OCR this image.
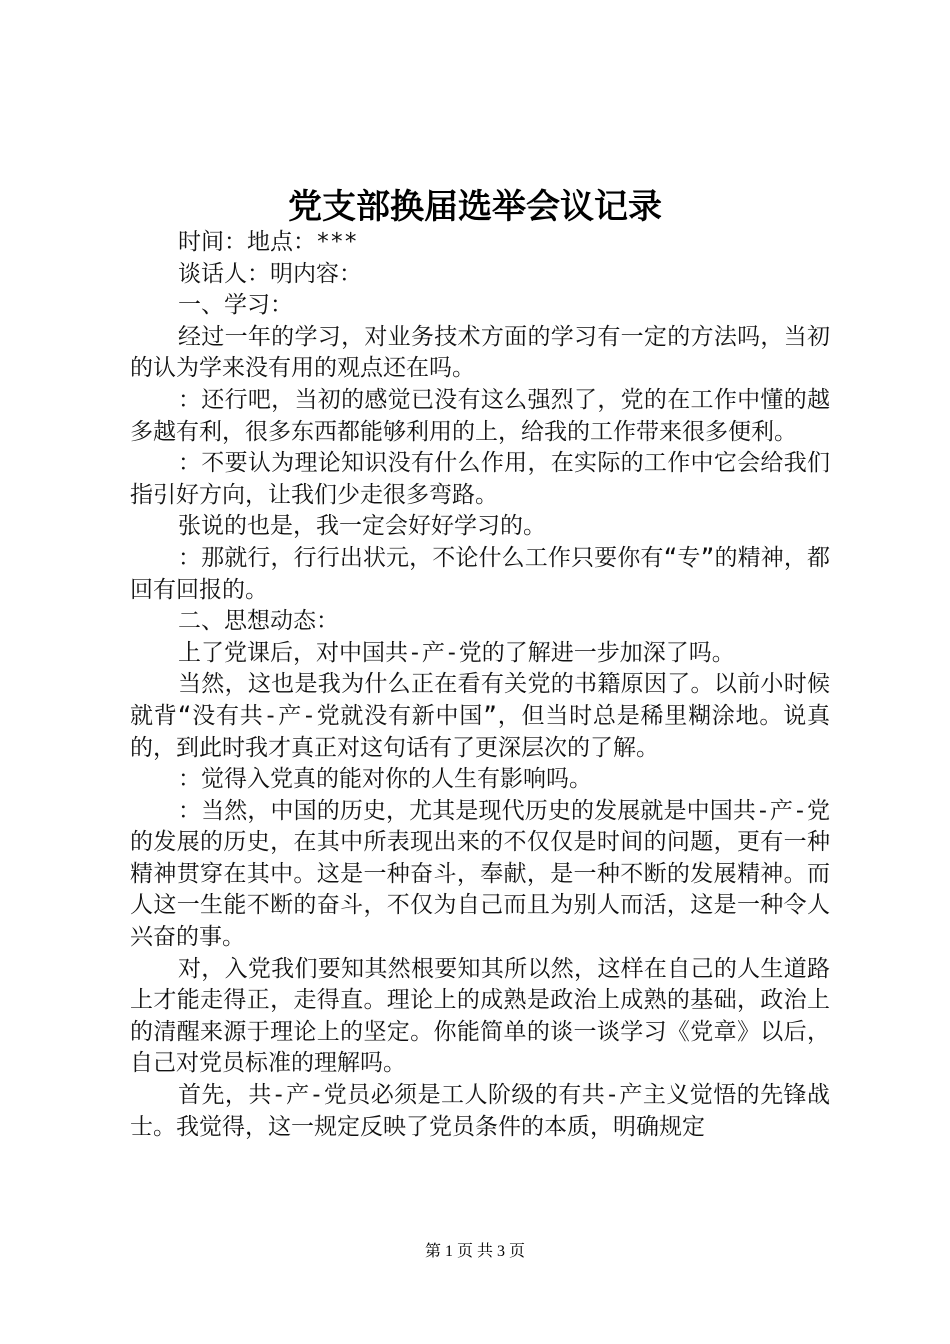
党支部换届选举会议记录

时间：地点：***

谈话人：明内容：

一、学习：

经过一年的学习，对业务技术方面的学习有一定的方法吗，当初的认为学来没有用的观点还在吗。

：还行吧，当初的感觉已没有这么强烈了，党的在工作中懂的越多越有利，很多东西都能够利用的上，给我的工作带来很多便利。

：不要认为理论知识没有什么作用，在实际的工作中它会给我们指引好方向，让我们少走很多弯路。

张说的也是，我一定会好好学习的。

：那就行，行行出状元，不论什么工作只要你有“专”的精神，都回有回报的。

二、思想动态：

上了党课后，对中国共-产-党的了解进一步加深了吗。

当然，这也是我为什么正在看有关党的书籍原因了。以前小时候就背“没有共-产-党就没有新中国”，但当时总是稀里糊涂地。说真的，到此时我才真正对这句话有了更深层次的了解。

：觉得入党真的能对你的人生有影响吗。

：当然，中国的历史，尤其是现代历史的发展就是中国共-产-党的发展的历史，在其中所表现出来的不仅仅是时间的问题，更有一种精神贯穿在其中。这是一种奋斗，奉献，是一种不断的发展精神。而人这一生能不断的奋斗，不仅为自己而且为别人而活，这是一种令人兴奋的事。

对，入党我们要知其然根要知其所以然，这样在自己的人生道路上才能走得正，走得直。理论上的成熟是政治上成熟的基础，政治上的清醒来源于理论上的坚定。你能简单的谈一谈学习《党章》以后，自己对党员标准的理解吗。

首先，共-产-党员必须是工人阶级的有共-产主义觉悟的先锋战士。我觉得，这一规定反映了党员条件的本质，明确规定

第 1 页 共 3 页
